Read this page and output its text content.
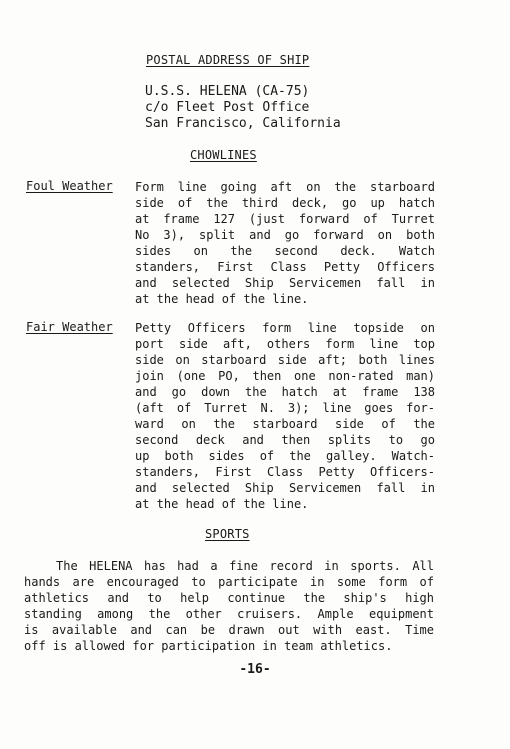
POSTAL ADDRESS OF SHIP
U.S.S. HELENA (CA-75)
c/o Fleet Post Office
San Francisco, California
CHOWLINES
Foul Weather Form line going aft on the starboard
side of the third deck, go up hatch
at frame 127 (just forward of Turret
No 3), split and go forward on both
sides on the second deck. Watch
standers, First Class Petty Officers
and selected Ship Servicemen fall in
at the head of the line.
Fair Weather Petty Officers form line topside on
port side aft, others form line top
side on starboard side aft; both lines
join (one PO, then one non-rated man)
and go down the hatch at frame 138
(aft of Turret N. 3); line goes for-
ward on the starboard side of the
second deck and then splits to go
up both sides of the galley. Watch-
standers, First Class Petty Officers-
and selected Ship Servicemen fall in
at the head of the line.
SPORTS
The HELENA has had a fine record in sports. All
hands are encouraged to participate in some form of
athletics and to help continue the ship's high
standing among the other cruisers. Ample equipment
is available and can be drawn out with east. Time
off is allowed for participation in team athletics.
-16-
